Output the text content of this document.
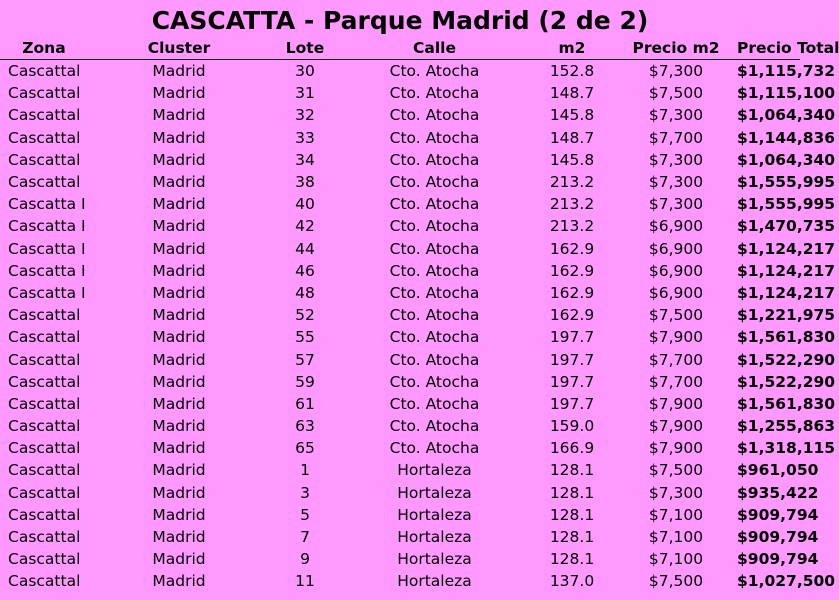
CASCATTA - Parque Madrid (2 de 2)
Zona	Cluster	Lote	Calle	m2	Precio m2	Precio Total
Cascattal	Madrid	30	Cto. Atocha	152.8	$7,300	$1,115,732
Cascattal	Madrid	31	Cto. Atocha	148.7	$7,500	$1,115,100
Cascattal	Madrid	32	Cto. Atocha	145.8	$7,300	$1,064,340
Cascattal	Madrid	33	Cto. Atocha	148.7	$7,700	$1,144,836
Cascattal	Madrid	34	Cto. Atocha	145.8	$7,300	$1,064,340
Cascattal	Madrid	38	Cto. Atocha	213.2	$7,300	$1,555,995
Cascatta I	Madrid	40	Cto. Atocha	213.2	$7,300	$1,555,995
Cascatta I	Madrid	42	Cto. Atocha	213.2	$6,900	$1,470,735
Cascatta I	Madrid	44	Cto. Atocha	162.9	$6,900	$1,124,217
Cascatta I	Madrid	46	Cto. Atocha	162.9	$6,900	$1,124,217
Cascatta I	Madrid	48	Cto. Atocha	162.9	$6,900	$1,124,217
Cascattal	Madrid	52	Cto. Atocha	162.9	$7,500	$1,221,975
Cascattal	Madrid	55	Cto. Atocha	197.7	$7,900	$1,561,830
Cascattal	Madrid	57	Cto. Atocha	197.7	$7,700	$1,522,290
Cascattal	Madrid	59	Cto. Atocha	197.7	$7,700	$1,522,290
Cascattal	Madrid	61	Cto. Atocha	197.7	$7,900	$1,561,830
Cascattal	Madrid	63	Cto. Atocha	159.0	$7,900	$1,255,863
Cascattal	Madrid	65	Cto. Atocha	166.9	$7,900	$1,318,115
Cascattal	Madrid	1	Hortaleza	128.1	$7,500	$961,050
Cascattal	Madrid	3	Hortaleza	128.1	$7,300	$935,422
Cascattal	Madrid	5	Hortaleza	128.1	$7,100	$909,794
Cascattal	Madrid	7	Hortaleza	128.1	$7,100	$909,794
Cascattal	Madrid	9	Hortaleza	128.1	$7,100	$909,794
Cascattal	Madrid	11	Hortaleza	137.0	$7,500	$1,027,500
